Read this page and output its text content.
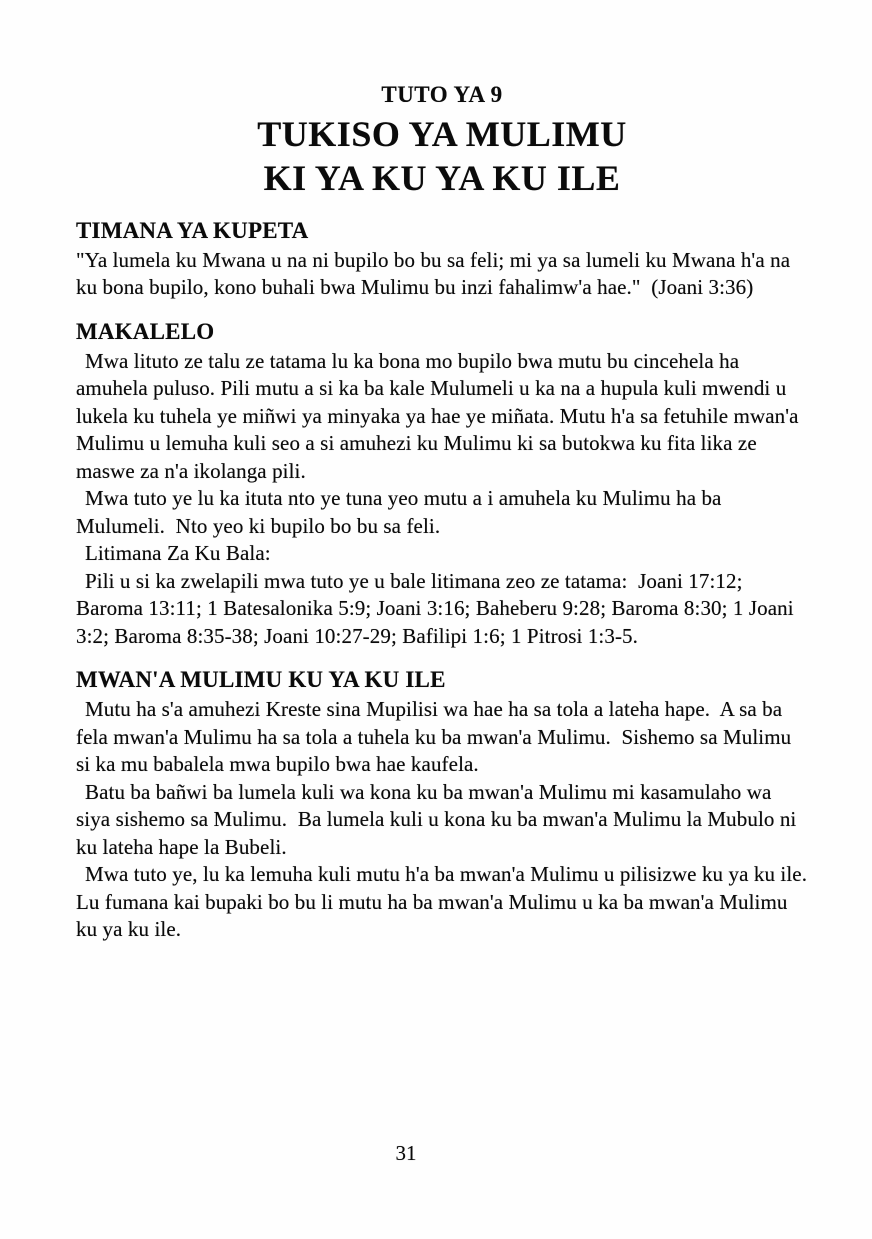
TUTO YA 9
TUKISO YA MULIMU
KI YA KU YA KU ILE
TIMANA YA KUPETA

"Ya lumela ku Mwana u na ni bupilo bo bu sa feli; mi ya sa lumeli ku Mwana h'a na ku bona bupilo, kono buhali bwa Mulimu bu inzi fahalimw'a hae."  (Joani 3:36)

MAKALELO

Mwa lituto ze talu ze tatama lu ka bona mo bupilo bwa mutu bu cincehela ha amuhela puluso. Pili mutu a si ka ba kale Mulumeli u ka na a hupula kuli mwendi u lukela ku tuhela ye miñwi ya minyaka ya hae ye miñata. Mutu h'a sa fetuhile mwan'a Mulimu u lemuha kuli seo a si amuhezi ku Mulimu ki sa butokwa ku fita lika ze maswe za n'a ikolanga pili.

Mwa tuto ye lu ka ituta nto ye tuna yeo mutu a i amuhela ku Mulimu ha ba Mulumeli.  Nto yeo ki bupilo bo bu sa feli.

Litimana Za Ku Bala:

Pili u si ka zwelapili mwa tuto ye u bale litimana zeo ze tatama:  Joani 17:12; Baroma 13:11; 1 Batesalonika 5:9; Joani 3:16; Baheberu 9:28; Baroma 8:30; 1 Joani 3:2; Baroma 8:35-38; Joani 10:27-29; Bafilipi 1:6; 1 Pitrosi 1:3-5.

MWAN'A MULIMU KU YA KU ILE

Mutu ha s'a amuhezi Kreste sina Mupilisi wa hae ha sa tola a lateha hape.  A sa ba fela mwan'a Mulimu ha sa tola a tuhela ku ba mwan'a Mulimu.  Sishemo sa Mulimu si ka mu babalela mwa bupilo bwa hae kaufela.

Batu ba bañwi ba lumela kuli wa kona ku ba mwan'a Mulimu mi kasamulaho wa siya sishemo sa Mulimu.  Ba lumela kuli u kona ku ba mwan'a Mulimu la Mubulo ni ku lateha hape la Bubeli.

Mwa tuto ye, lu ka lemuha kuli mutu h'a ba mwan'a Mulimu u pilisizwe ku ya ku ile.  Lu fumana kai bupaki bo bu li mutu ha ba mwan'a Mulimu u ka ba mwan'a Mulimu ku ya ku ile.

31
